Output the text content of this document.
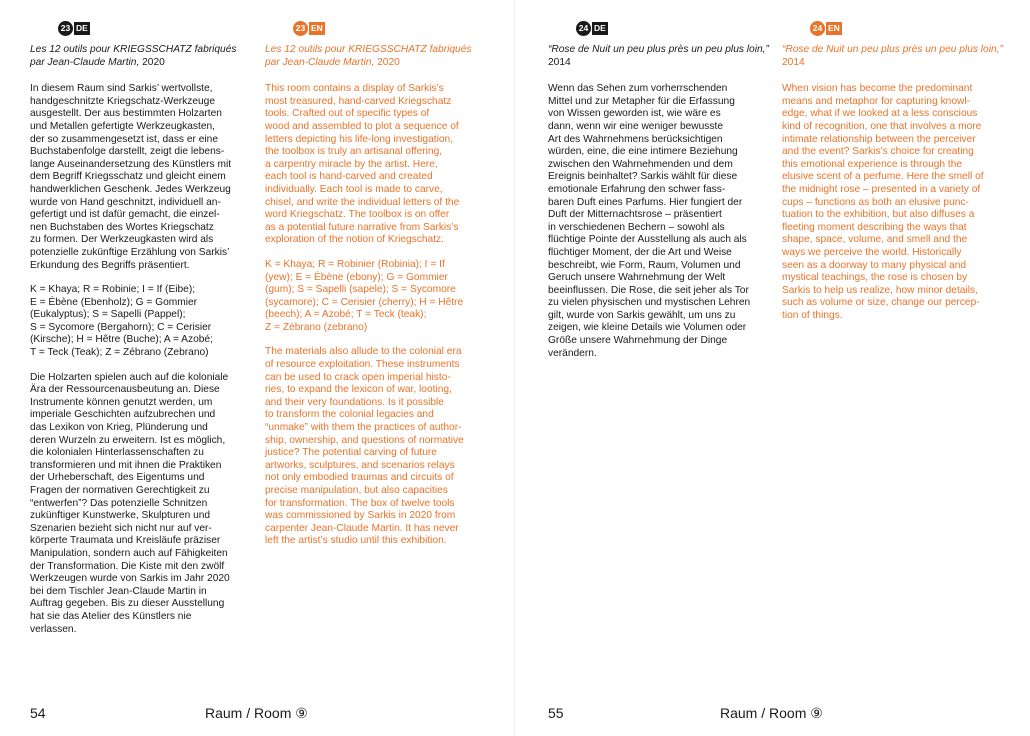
23 DE
Les 12 outils pour KRIEGSSCHATZ fabriqués par Jean-Claude Martin, 2020

In diesem Raum sind Sarkis’ wertvollste,
handgeschnitzte Kriegschatz-Werkzeuge
ausgestellt. Der aus bestimmten Holzarten
und Metallen gefertigte Werkzeugkasten,
der so zusammengesetzt ist, dass er eine
Buchstabenfolge darstellt, zeigt die lebens-
lange Auseinandersetzung des Künstlers mit
dem Begriff Kriegsschatz und gleicht einem
handwerklichen Geschenk. Jedes Werkzeug
wurde von Hand geschnitzt, individuell an-
gefertigt und ist dafür gemacht, die einzel-
nen Buchstaben des Wortes Kriegschatz
zu formen. Der Werkzeugkasten wird als
potenzielle zukünftige Erzählung von Sarkis’
Erkundung des Begriffs präsentiert.

K = Khaya; R = Robinie; I = If (Eibe);
E = Ébène (Ebenholz); G = Gommier
(Eukalyptus); S = Sapelli (Pappel);
S = Sycomore (Bergahorn); C = Cerisier
(Kirsche); H = Hêtre (Buche); A = Azobé;
T = Teck (Teak); Z = Zébrano (Zebrano)

Die Holzarten spielen auch auf die koloniale
Ära der Ressourcenausbeutung an. Diese
Instrumente können genutzt werden, um
imperiale Geschichten aufzubrechen und
das Lexikon von Krieg, Plünderung und
deren Wurzeln zu erweitern. Ist es möglich,
die kolonialen Hinterlassenschaften zu
transformieren und mit ihnen die Praktiken
der Urheberschaft, des Eigentums und
Fragen der normativen Gerechtigkeit zu
“entwerfen”? Das potenzielle Schnitzen
zukünftiger Kunstwerke, Skulpturen und
Szenarien bezieht sich nicht nur auf ver-
körperte Traumata und Kreisläufe präziser
Manipulation, sondern auch auf Fähigkeiten
der Transformation. Die Kiste mit den zwölf
Werkzeugen wurde von Sarkis im Jahr 2020
bei dem Tischler Jean-Claude Martin in
Auftrag gegeben. Bis zu dieser Ausstellung
hat sie das Atelier des Künstlers nie
verlassen.

23 EN
Les 12 outils pour KRIEGSSCHATZ fabriqués par Jean-Claude Martin, 2020

This room contains a display of Sarkis’s
most treasured, hand-carved Kriegschatz
tools. Crafted out of specific types of
wood and assembled to plot a sequence of
letters depicting his life-long investigation,
the toolbox is truly an artisanal offering,
a carpentry miracle by the artist. Here,
each tool is hand-carved and created
individually. Each tool is made to carve,
chisel, and write the individual letters of the
word Kriegschatz. The toolbox is on offer
as a potential future narrative from Sarkis’s
exploration of the notion of Kriegschatz.

K = Khaya; R = Robinier (Robinia); I = If
(yew); E = Ébène (ebony); G = Gommier
(gum); S = Sapelli (sapele); S = Sycomore
(sycamore); C = Cerisier (cherry); H = Hêtre
(beech); A = Azobé; T = Teck (teak);
Z = Zébrano (zebrano)

The materials also allude to the colonial era
of resource exploitation. These instruments
can be used to crack open imperial histo-
ries, to expand the lexicon of war, looting,
and their very foundations. Is it possible
to transform the colonial legacies and
“unmake” with them the practices of author-
ship, ownership, and questions of normative
justice? The potential carving of future
artworks, sculptures, and scenarios relays
not only embodied traumas and circuits of
precise manipulation, but also capacities
for transformation. The box of twelve tools
was commissioned by Sarkis in 2020 from
carpenter Jean-Claude Martin. It has never
left the artist’s studio until this exhibition.

24 DE
“Rose de Nuit un peu plus près un peu plus loin,” 2014

Wenn das Sehen zum vorherrschenden
Mittel und zur Metapher für die Erfassung
von Wissen geworden ist, wie wäre es
dann, wenn wir eine weniger bewusste
Art des Wahrnehmens berücksichtigen
würden, eine, die eine intimere Beziehung
zwischen den Wahrnehmenden und dem
Ereignis beinhaltet? Sarkis wählt für diese
emotionale Erfahrung den schwer fass-
baren Duft eines Parfums. Hier fungiert der
Duft der Mitternachtsrose – präsentiert
in verschiedenen Bechern – sowohl als
flüchtige Pointe der Ausstellung als auch als
flüchtiger Moment, der die Art und Weise
beschreibt, wie Form, Raum, Volumen und
Geruch unsere Wahrnehmung der Welt
beeinflussen. Die Rose, die seit jeher als Tor
zu vielen physischen und mystischen Lehren
gilt, wurde von Sarkis gewählt, um uns zu
zeigen, wie kleine Details wie Volumen oder
Größe unsere Wahrnehmung der Dinge
verändern.

24 EN
“Rose de Nuit un peu plus près un peu plus loin,” 2014

When vision has become the predominant
means and metaphor for capturing knowl-
edge, what if we looked at a less conscious
kind of recognition, one that involves a more
intimate relationship between the perceiver
and the event? Sarkis’s choice for creating
this emotional experience is through the
elusive scent of a perfume. Here the smell of
the midnight rose – presented in a variety of
cups – functions as both an elusive punc-
tuation to the exhibition, but also diffuses a
fleeting moment describing the ways that
shape, space, volume, and smell and the
ways we perceive the world. Historically
seen as a doorway to many physical and
mystical teachings, the rose is chosen by
Sarkis to help us realize, how minor details,
such as volume or size, change our percep-
tion of things.

54	Raum / Room ⑨	55	Raum / Room ⑨
